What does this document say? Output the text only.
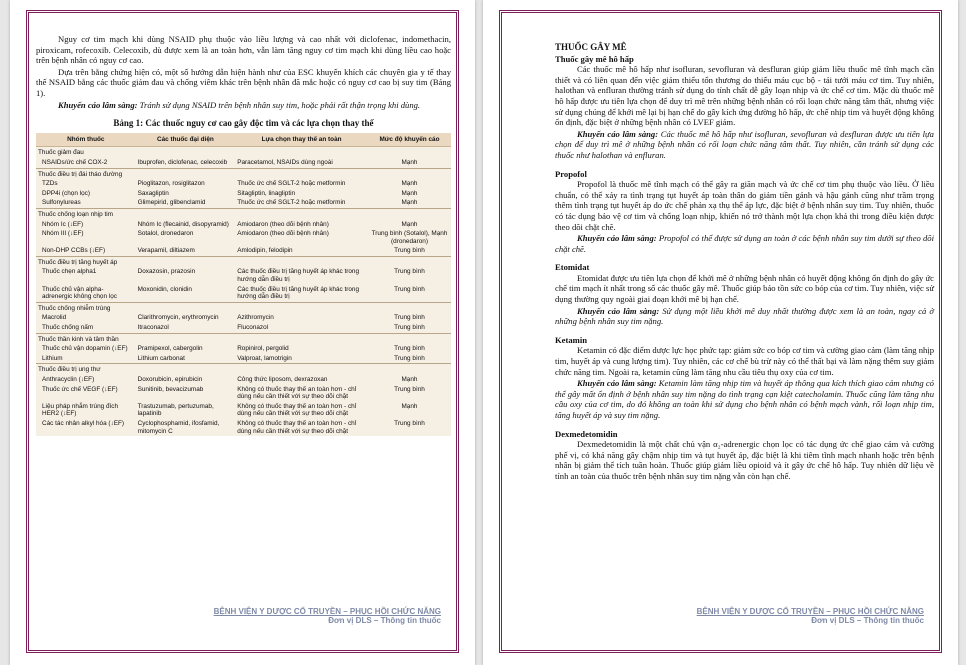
Nguy cơ tim mạch khi dùng NSAID phụ thuộc vào liều lượng và cao nhất với diclofenac, indomethacin, piroxicam, rofecoxib. Celecoxib, dù được xem là an toàn hơn, vẫn làm tăng nguy cơ tim mạch khi dùng liều cao hoặc trên bệnh nhân có nguy cơ cao.

Dựa trên bằng chứng hiện có, một số hướng dẫn hiện hành như của ESC khuyến khích các chuyên gia y tế thay thế NSAID bằng các thuốc giảm đau và chống viêm khác trên bệnh nhân đã mắc hoặc có nguy cơ cao bị suy tim (Bảng 1).

Khuyến cáo lâm sàng: Tránh sử dụng NSAID trên bệnh nhân suy tim, hoặc phải rất thận trọng khi dùng.

Bảng 1: Các thuốc nguy cơ cao gây độc tim và các lựa chọn thay thế
Nhóm thuốc	Các thuốc đại diện	Lựa chọn thay thế an toàn	Mức độ khuyến cáo
Thuốc giảm đau			
NSAIDs/ức chế COX-2	Ibuprofen, diclofenac, celecoxib	Paracetamol, NSAIDs dùng ngoài	Mạnh
Thuốc điều trị đái tháo đường			
TZDs	Pioglitazon, rosiglitazon	Thuốc ức chế SGLT-2 hoặc metformin	Mạnh
DPP4i (chọn lọc)	Saxagliptin	Sitagliptin, linagliptin	Mạnh
Sulfonylureas	Glimepirid, glibenclamid	Thuốc ức chế SGLT-2 hoặc metformin	Mạnh
Thuốc chống loạn nhịp tim			
Nhóm Ic (↓EF)	Nhóm Ic (flecainid, disopyramid)	Amiodaron (theo dõi bệnh nhân)	Mạnh
Nhóm III (↓EF)	Sotalol, dronedaron	Amiodaron (theo dõi bệnh nhân)	Trung bình (Sotalol), Mạnh (dronedaron)
Non-DHP CCBs (↓EF)	Verapamil, diltiazem	Amlodipin, felodipin	Trung bình
Thuốc điều trị tăng huyết áp			
Thuốc chẹn alpha1	Doxazosin, prazosin	Các thuốc điều trị tăng huyết áp khác trong hướng dẫn điều trị	Trung bình
Thuốc chủ vận alpha-adrenergic không chọn lọc	Moxonidin, clonidin	Các thuốc điều trị tăng huyết áp khác trong hướng dẫn điều trị	Trung bình
Thuốc chống nhiễm trùng			
Macrolid	Clarithromycin, erythromycin	Azithromycin	Trung bình
Thuốc chống nấm	Itraconazol	Fluconazol	Trung bình
Thuốc thần kinh và tâm thần			
Thuốc chủ vận dopamin (↓EF)	Pramipexol, cabergolin	Ropinirol, pergolid	Trung bình
Lithium	Lithium carbonat	Valproat, lamotrigin	Trung bình
Thuốc điều trị ung thư			
Anthracyclin (↓EF)	Doxorubicin, epirubicin	Công thức liposom, dexrazoxan	Mạnh
Thuốc ức chế VEGF (↓EF)	Sunitinib, bevacizumab	Không có thuốc thay thế an toàn hơn - chỉ dùng nếu cần thiết với sự theo dõi chặt	Trung bình
Liệu pháp nhắm trúng đích HER2 (↓EF)	Trastuzumab, pertuzumab, lapatinib	Không có thuốc thay thế an toàn hơn - chỉ dùng nếu cần thiết với sự theo dõi chặt	Mạnh
Các tác nhân alkyl hóa (↓EF)	Cyclophosphamid, ifosfamid, mitomycin C	Không có thuốc thay thế an toàn hơn - chỉ dùng nếu cần thiết với sự theo dõi chặt	Trung bình
BỆNH VIỆN Y DƯỢC CỔ TRUYỀN – PHỤC HỒI CHỨC NĂNG
Đơn vị DLS – Thông tin thuốc
THUỐC GÂY MÊ

Thuốc gây mê hô hấp

Các thuốc mê hô hấp như isofluran, sevofluran và desfluran giúp giảm liều thuốc mê tĩnh mạch cần thiết và có liên quan đến việc giảm thiểu tổn thương do thiếu máu cục bộ - tái tưới máu cơ tim. Tuy nhiên, halothan và enfluran thường tránh sử dụng do tính chất dễ gây loạn nhịp và ức chế cơ tim. Mặc dù thuốc mê hô hấp được ưu tiên lựa chọn để duy trì mê trên những bệnh nhân có rối loạn chức năng tâm thất, nhưng việc sử dụng chúng để khởi mê lại bị hạn chế do gây kích ứng đường hô hấp, ức chế nhịp tim và huyết động không ổn định, đặc biệt ở những bệnh nhân có LVEF giảm.

Khuyến cáo lâm sàng: Các thuốc mê hô hấp như isofluran, sevofluran và desfluran được ưu tiên lựa chọn để duy trì mê ở những bệnh nhân có rối loạn chức năng tâm thất. Tuy nhiên, cần tránh sử dụng các thuốc như halothan và enfluran.

Propofol

Propofol là thuốc mê tĩnh mạch có thể gây ra giãn mạch và ức chế cơ tim phụ thuộc vào liều. Ở liều chuẩn, có thể xảy ra tình trạng tụt huyết áp toàn thân do giảm tiền gánh và hậu gánh cũng như trầm trọng thêm tình trạng tụt huyết áp do ức chế phản xạ thụ thể áp lực, đặc biệt ở bệnh nhân suy tim. Tuy nhiên, thuốc có tác dụng bảo vệ cơ tim và chống loạn nhịp, khiến nó trở thành một lựa chọn khả thi trong điều kiện được theo dõi chặt chẽ.

Khuyến cáo lâm sàng: Propofol có thể được sử dụng an toàn ở các bệnh nhân suy tim dưới sự theo dõi chặt chẽ.

Etomidat

Etomidat được ưu tiên lựa chọn để khởi mê ở những bệnh nhân có huyết động không ổn định do gây ức chế tim mạch ít nhất trong số các thuốc gây mê. Thuốc giúp bảo tồn sức co bóp của cơ tim. Tuy nhiên, việc sử dụng thường quy ngoài giai đoạn khởi mê bị hạn chế.

Khuyến cáo lâm sàng: Sử dụng một liều khởi mê duy nhất thường được xem là an toàn, ngay cả ở những bệnh nhân suy tim nặng.

Ketamin

Ketamin có đặc điểm dược lực học phức tạp: giảm sức co bóp cơ tim và cường giao cảm (làm tăng nhịp tim, huyết áp và cung lượng tim). Tuy nhiên, các cơ chế bù trừ này có thể thất bại và làm nặng thêm suy giảm chức năng tim. Ngoài ra, ketamin cũng làm tăng nhu cầu tiêu thụ oxy của cơ tim.

Khuyến cáo lâm sàng: Ketamin làm tăng nhịp tim và huyết áp thông qua kích thích giao cảm nhưng có thể gây mất ổn định ở bệnh nhân suy tim nặng do tình trạng cạn kiệt catecholamin. Thuốc cũng làm tăng nhu cầu oxy của cơ tim, do đó không an toàn khi sử dụng cho bệnh nhân có bệnh mạch vành, rối loạn nhịp tim, tăng huyết áp và suy tim nặng.

Dexmedetomidin

Dexmedetomidin là một chất chủ vận α₂-adrenergic chọn lọc có tác dụng ức chế giao cảm và cường phế vị, có khả năng gây chậm nhịp tim và tụt huyết áp, đặc biệt là khi tiêm tĩnh mạch nhanh hoặc trên bệnh nhân bị giảm thể tích tuần hoàn. Thuốc giúp giảm liều opioid và ít gây ức chế hô hấp. Tuy nhiên dữ liệu về tính an toàn của thuốc trên bệnh nhân suy tim nặng vẫn còn hạn chế.

BỆNH VIỆN Y DƯỢC CỔ TRUYỀN – PHỤC HỒI CHỨC NĂNG
Đơn vị DLS – Thông tin thuốc
